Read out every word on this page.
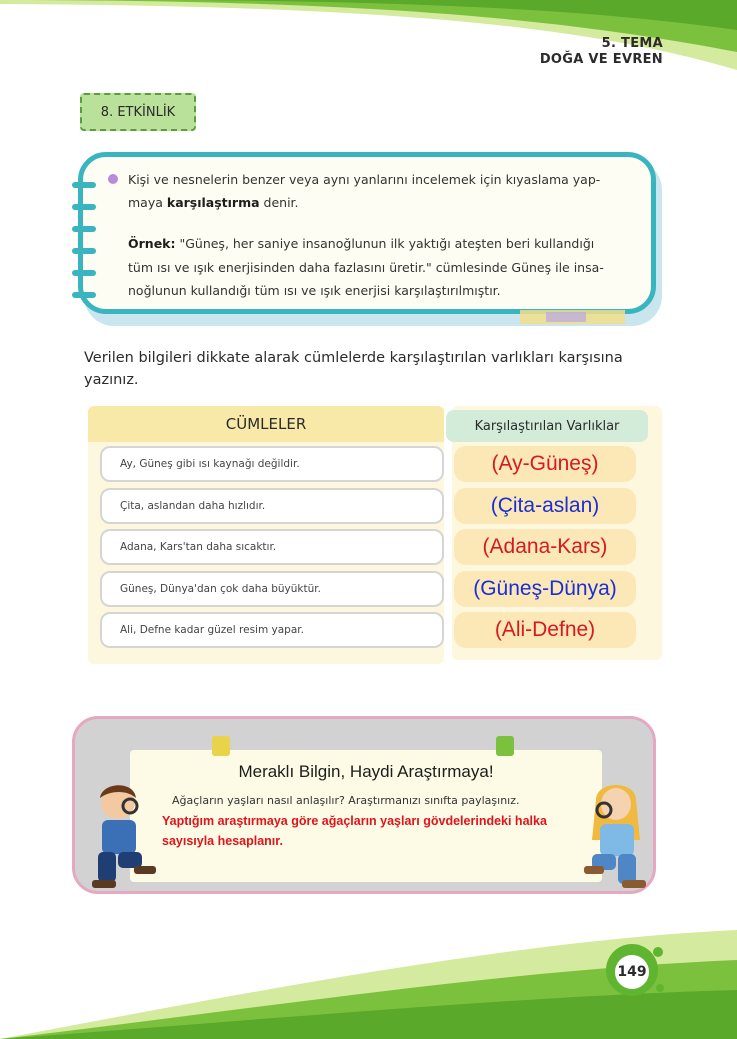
5. TEMA
DOĞA VE EVREN
8. ETKİNLİK
Kişi ve nesnelerin benzer veya aynı yanlarını incelemek için kıyaslama yap-
maya karşılaştırma denir.
Örnek: "Güneş, her saniye insanoğlunun ilk yaktığı ateşten beri kullandığı
tüm ısı ve ışık enerjisinden daha fazlasını üretir." cümlesinde Güneş ile insa-
noğlunun kullandığı tüm ısı ve ışık enerjisi karşılaştırılmıştır.
Verilen bilgileri dikkate alarak cümlelerde karşılaştırılan varlıkları karşısına
yazınız.
CÜMLELER	Karşılaştırılan Varlıklar
Ay, Güneş gibi ısı kaynağı değildir.
Çita, aslandan daha hızlıdır.
Adana, Kars'tan daha sıcaktır.
Güneş, Dünya'dan çok daha büyüktür.
Ali, Defne kadar güzel resim yapar.
(Ay-Güneş)
(Çita-aslan)
(Adana-Kars)
(Güneş-Dünya)
(Ali-Defne)
Meraklı Bilgin, Haydi Araştırmaya!
Ağaçların yaşları nasıl anlaşılır? Araştırmanızı sınıfta paylaşınız.
Yaptığım araştırmaya göre ağaçların yaşları gövdelerindeki halka
sayısıyla hesaplanır.
149
